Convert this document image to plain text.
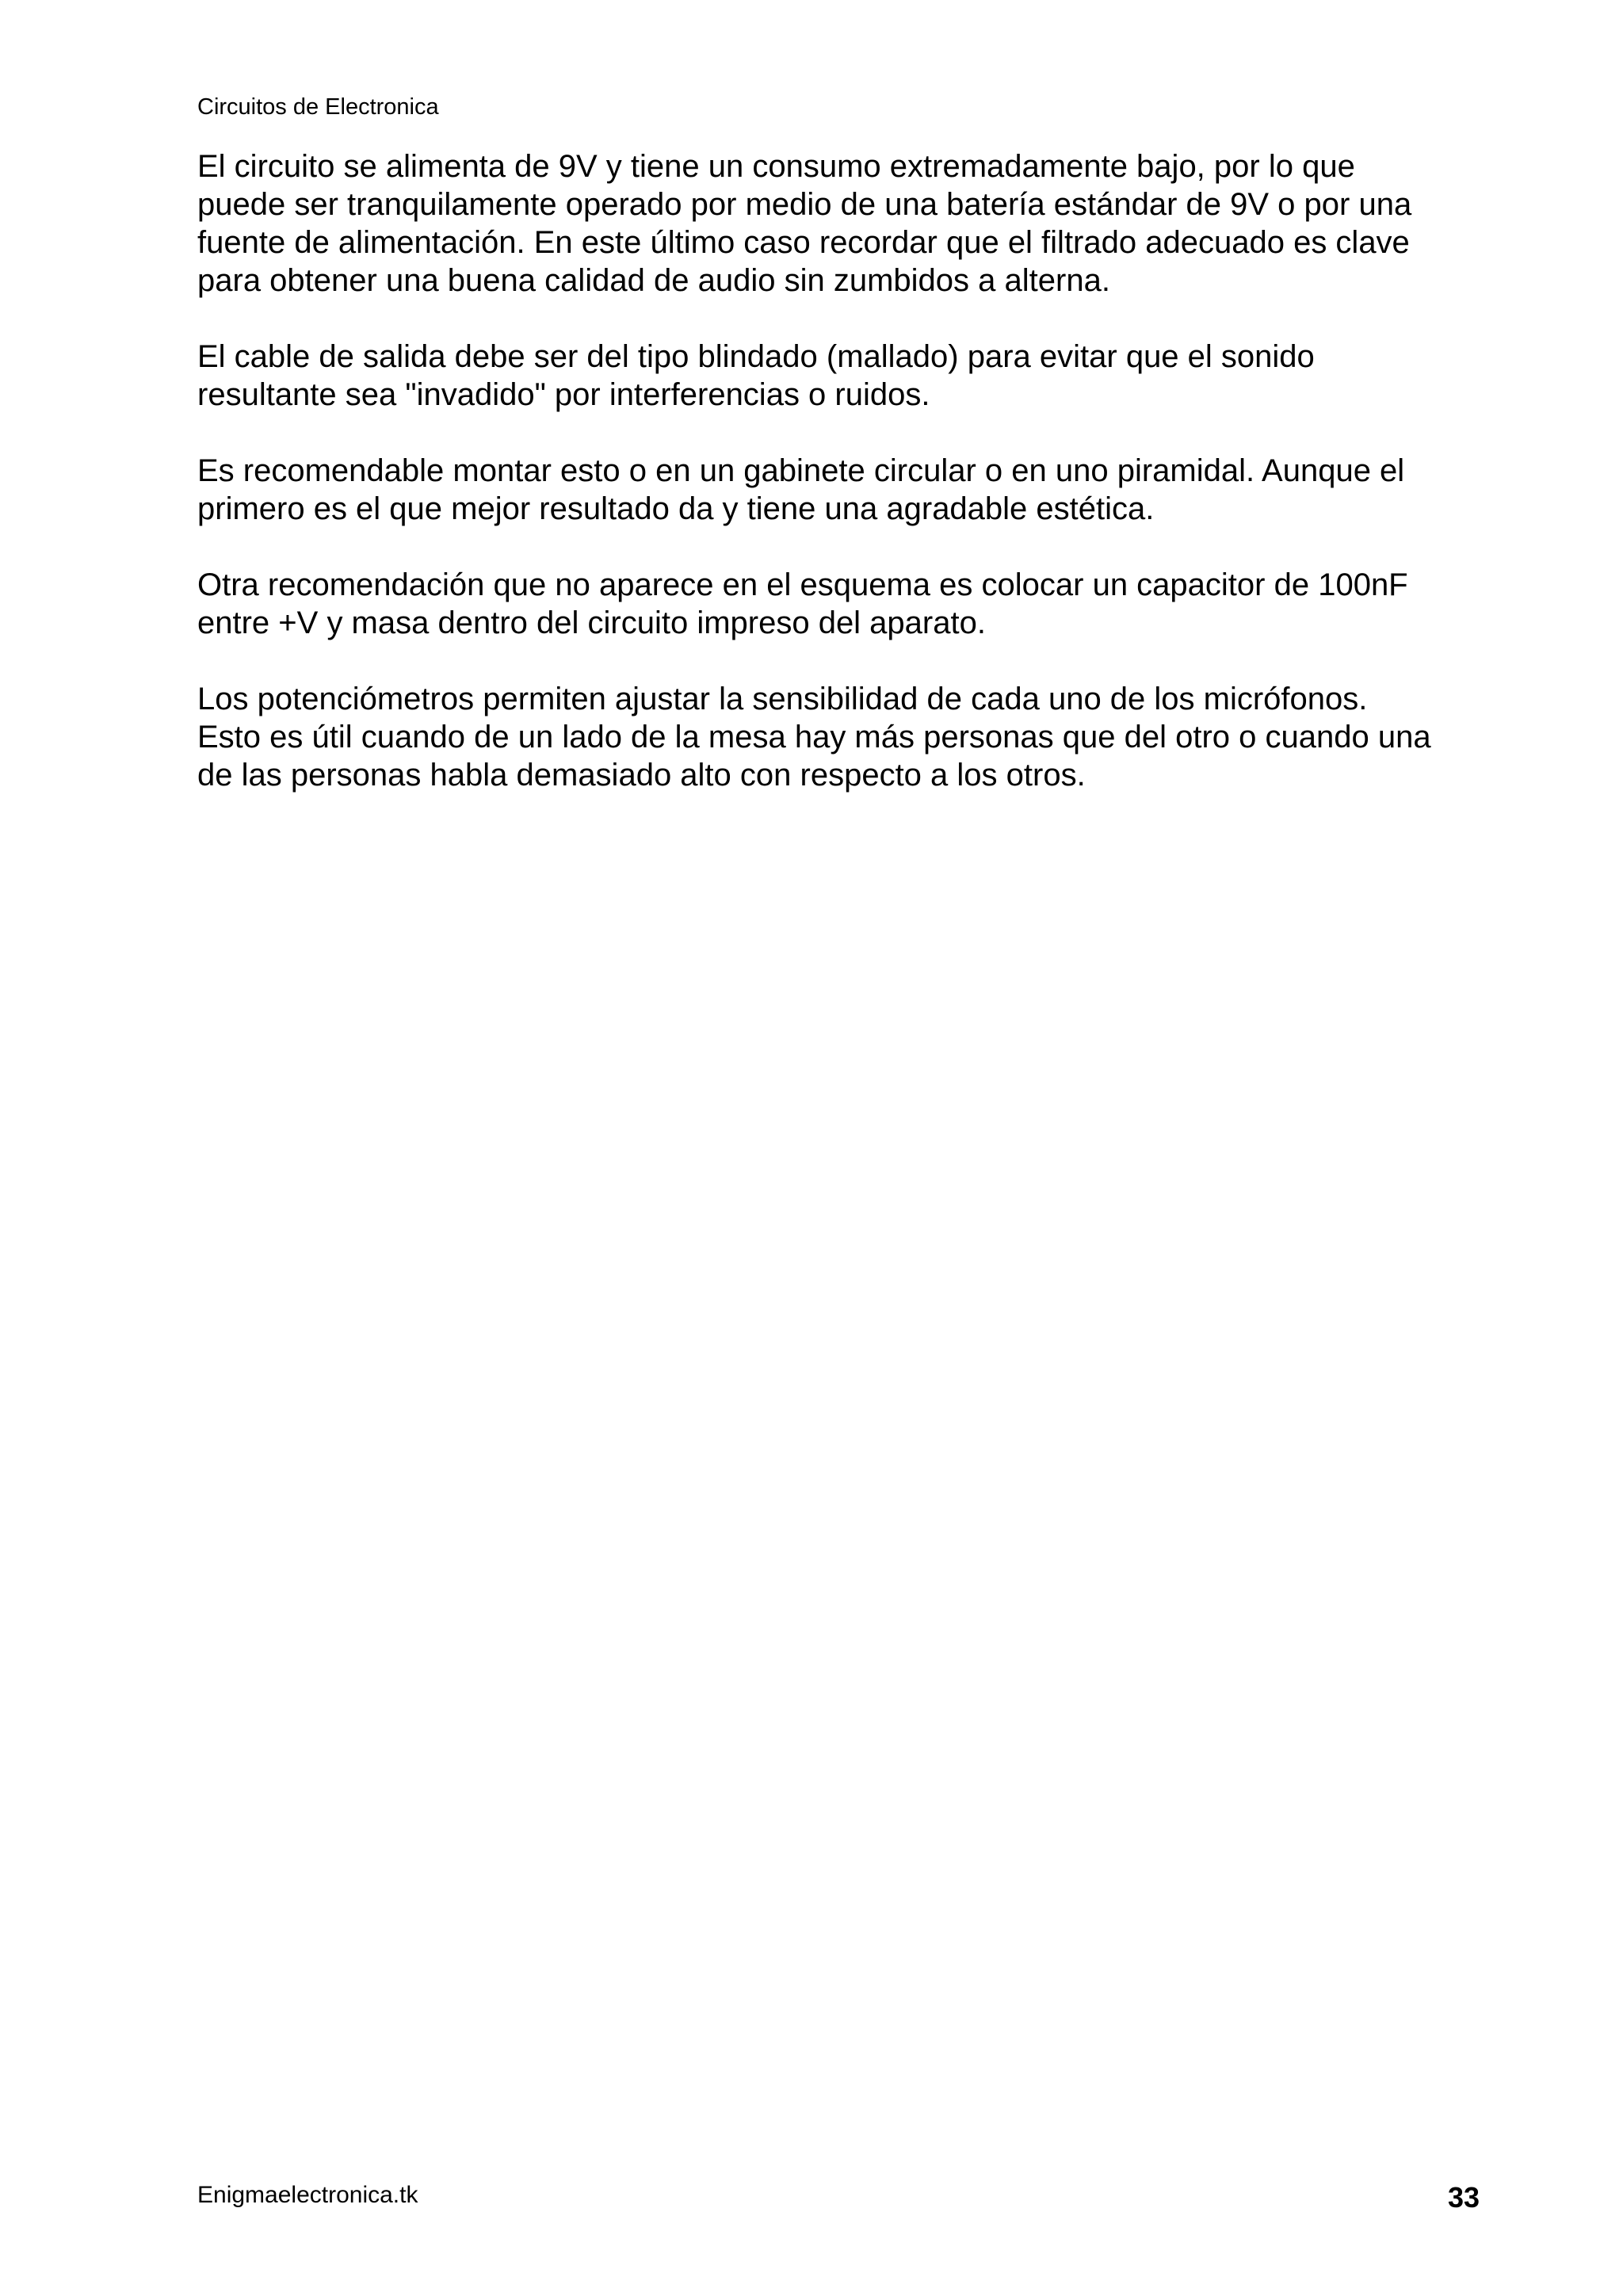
Circuitos de Electronica

El circuito se alimenta de 9V y tiene un consumo extremadamente bajo, por lo que
puede ser tranquilamente operado por medio de una batería estándar de 9V o por una
fuente de alimentación. En este último caso recordar que el filtrado adecuado es clave
para obtener una buena calidad de audio sin zumbidos a alterna.

El cable de salida debe ser del tipo blindado (mallado) para evitar que el sonido
resultante sea "invadido" por interferencias o ruidos.

Es recomendable montar esto o en un gabinete circular o en uno piramidal. Aunque el
primero es el que mejor resultado da y tiene una agradable estética.

Otra recomendación que no aparece en el esquema es colocar un capacitor de 100nF
entre +V y masa dentro del circuito impreso del aparato.

Los potenciómetros permiten ajustar la sensibilidad de cada uno de los micrófonos.
Esto es útil cuando de un lado de la mesa hay más personas que del otro o cuando una
de las personas habla demasiado alto con respecto a los otros.

Enigmaelectronica.tk	33
